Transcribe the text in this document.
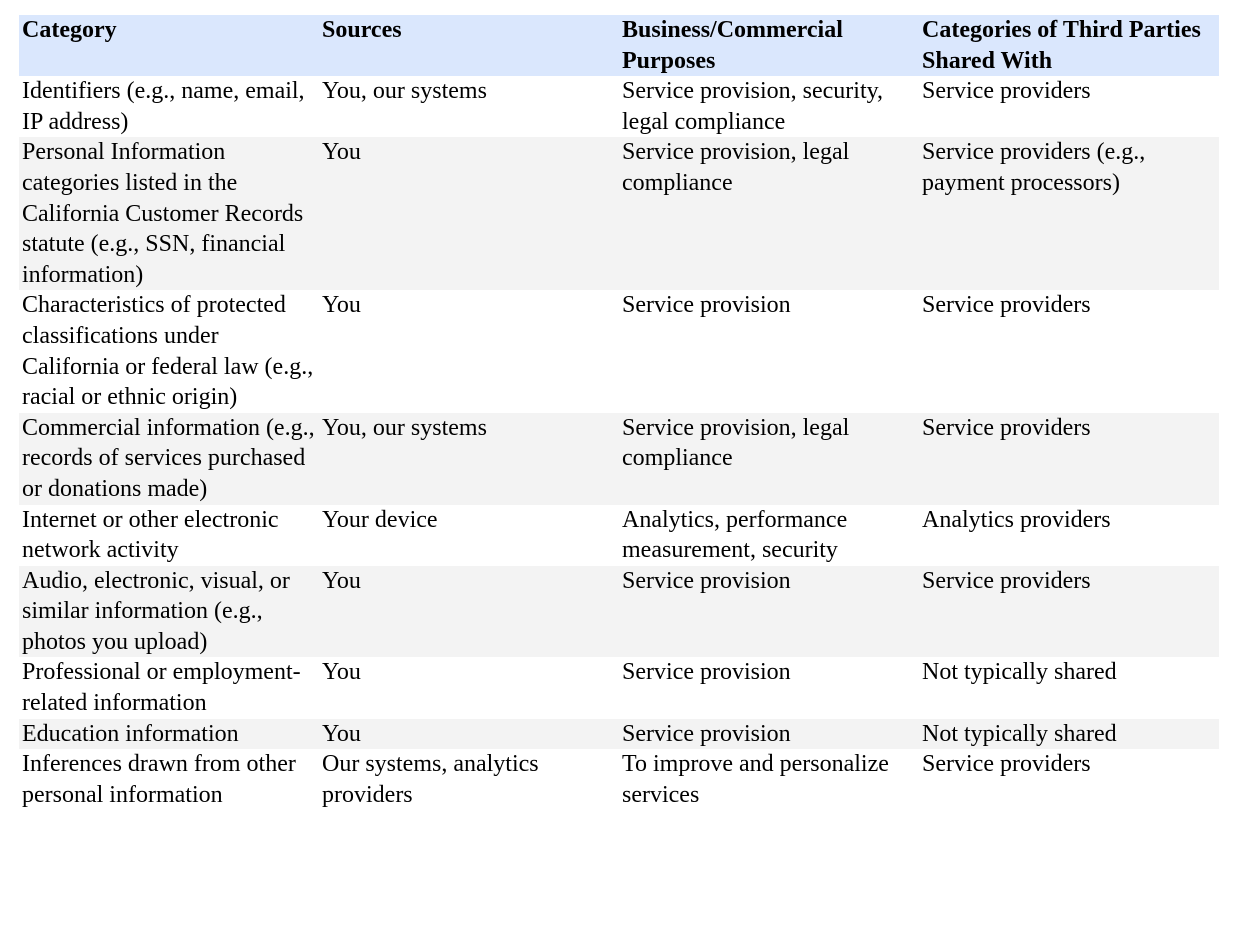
Category	Sources	Business/Commercial Purposes	Categories of Third Parties Shared With
Identifiers (e.g., name, email, IP address)	You, our systems	Service provision, security, legal compliance	Service providers
Personal Information categories listed in the California Customer Records statute (e.g., SSN, financial information)	You	Service provision, legal compliance	Service providers (e.g., payment processors)
Characteristics of protected classifications under California or federal law (e.g., racial or ethnic origin)	You	Service provision	Service providers
Commercial information (e.g., records of services purchased or donations made)	You, our systems	Service provision, legal compliance	Service providers
Internet or other electronic network activity	Your device	Analytics, performance measurement, security	Analytics providers
Audio, electronic, visual, or similar information (e.g., photos you upload)	You	Service provision	Service providers
Professional or employment-related information	You	Service provision	Not typically shared
Education information	You	Service provision	Not typically shared
Inferences drawn from other personal information	Our systems, analytics providers	To improve and personalize services	Service providers
